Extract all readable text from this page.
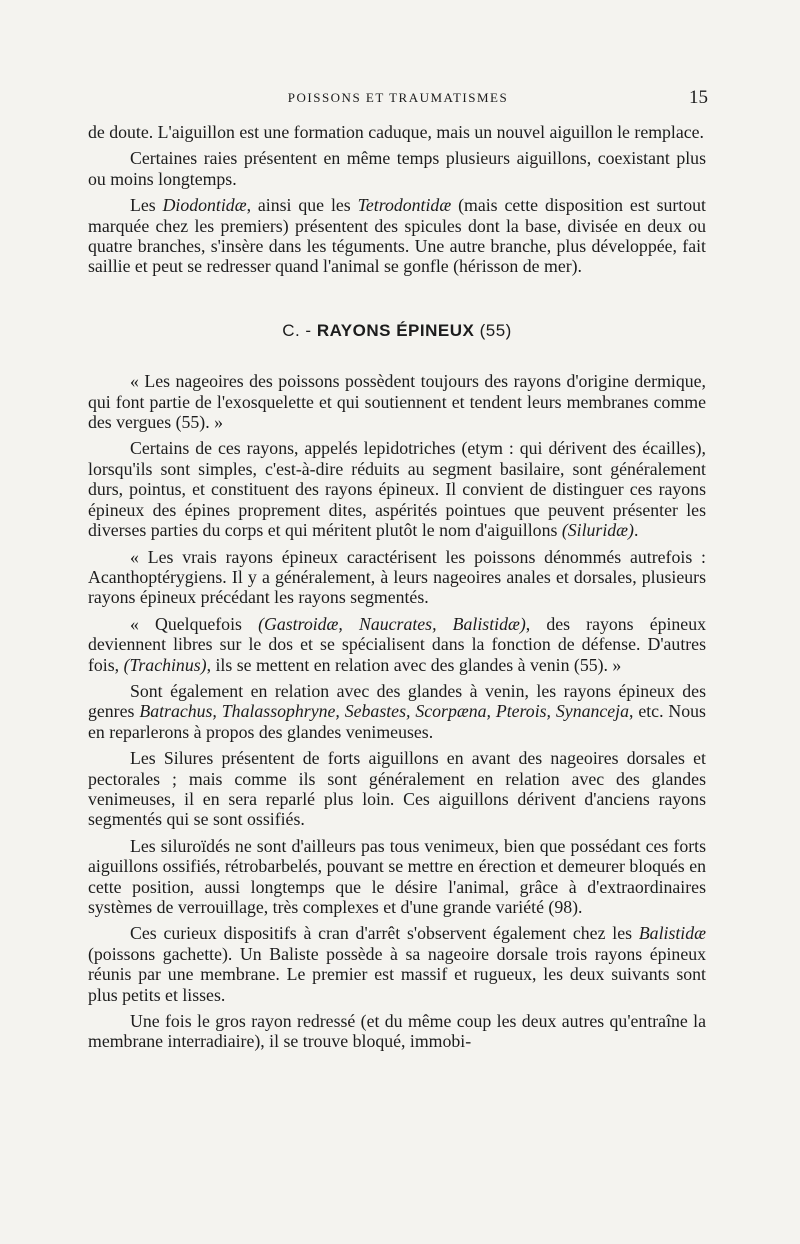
POISSONS ET TRAUMATISMES	15

de doute. L'aiguillon est une formation caduque, mais un nouvel aiguillon le remplace.

Certaines raies présentent en même temps plusieurs aiguillons, coexistant plus ou moins longtemps.

Les Diodontidæ, ainsi que les Tetrodontidæ (mais cette disposition est surtout marquée chez les premiers) présentent des spicules dont la base, divisée en deux ou quatre branches, s'insère dans les téguments. Une autre branche, plus développée, fait saillie et peut se redresser quand l'animal se gonfle (hérisson de mer).

C. - RAYONS ÉPINEUX (55)

« Les nageoires des poissons possèdent toujours des rayons d'origine dermique, qui font partie de l'exosquelette et qui soutiennent et tendent leurs membranes comme des vergues (55). »

Certains de ces rayons, appelés lepidotriches (etym : qui dérivent des écailles), lorsqu'ils sont simples, c'est-à-dire réduits au segment basilaire, sont généralement durs, pointus, et constituent des rayons épineux. Il convient de distinguer ces rayons épineux des épines proprement dites, aspérités pointues que peuvent présenter les diverses parties du corps et qui méritent plutôt le nom d'aiguillons (Siluridæ).

« Les vrais rayons épineux caractérisent les poissons dénommés autrefois : Acanthoptérygiens. Il y a généralement, à leurs nageoires anales et dorsales, plusieurs rayons épineux précédant les rayons segmentés.

« Quelquefois (Gastroidæ, Naucrates, Balistidæ), des rayons épineux deviennent libres sur le dos et se spécialisent dans la fonction de défense. D'autres fois, (Trachinus), ils se mettent en relation avec des glandes à venin (55). »

Sont également en relation avec des glandes à venin, les rayons épineux des genres Batrachus, Thalassophryne, Sebastes, Scorpæna, Pterois, Synanceja, etc. Nous en reparlerons à propos des glandes venimeuses.

Les Silures présentent de forts aiguillons en avant des nageoires dorsales et pectorales ; mais comme ils sont généralement en relation avec des glandes venimeuses, il en sera reparlé plus loin. Ces aiguillons dérivent d'anciens rayons segmentés qui se sont ossifiés.

Les siluroïdés ne sont d'ailleurs pas tous venimeux, bien que possédant ces forts aiguillons ossifiés, rétrobarbelés, pouvant se mettre en érection et demeurer bloqués en cette position, aussi longtemps que le désire l'animal, grâce à d'extraordinaires systèmes de verrouillage, très complexes et d'une grande variété (98).

Ces curieux dispositifs à cran d'arrêt s'observent également chez les Balistidæ (poissons gachette). Un Baliste possède à sa nageoire dorsale trois rayons épineux réunis par une membrane. Le premier est massif et rugueux, les deux suivants sont plus petits et lisses.

Une fois le gros rayon redressé (et du même coup les deux autres qu'entraîne la membrane interradiaire), il se trouve bloqué, immobi-
